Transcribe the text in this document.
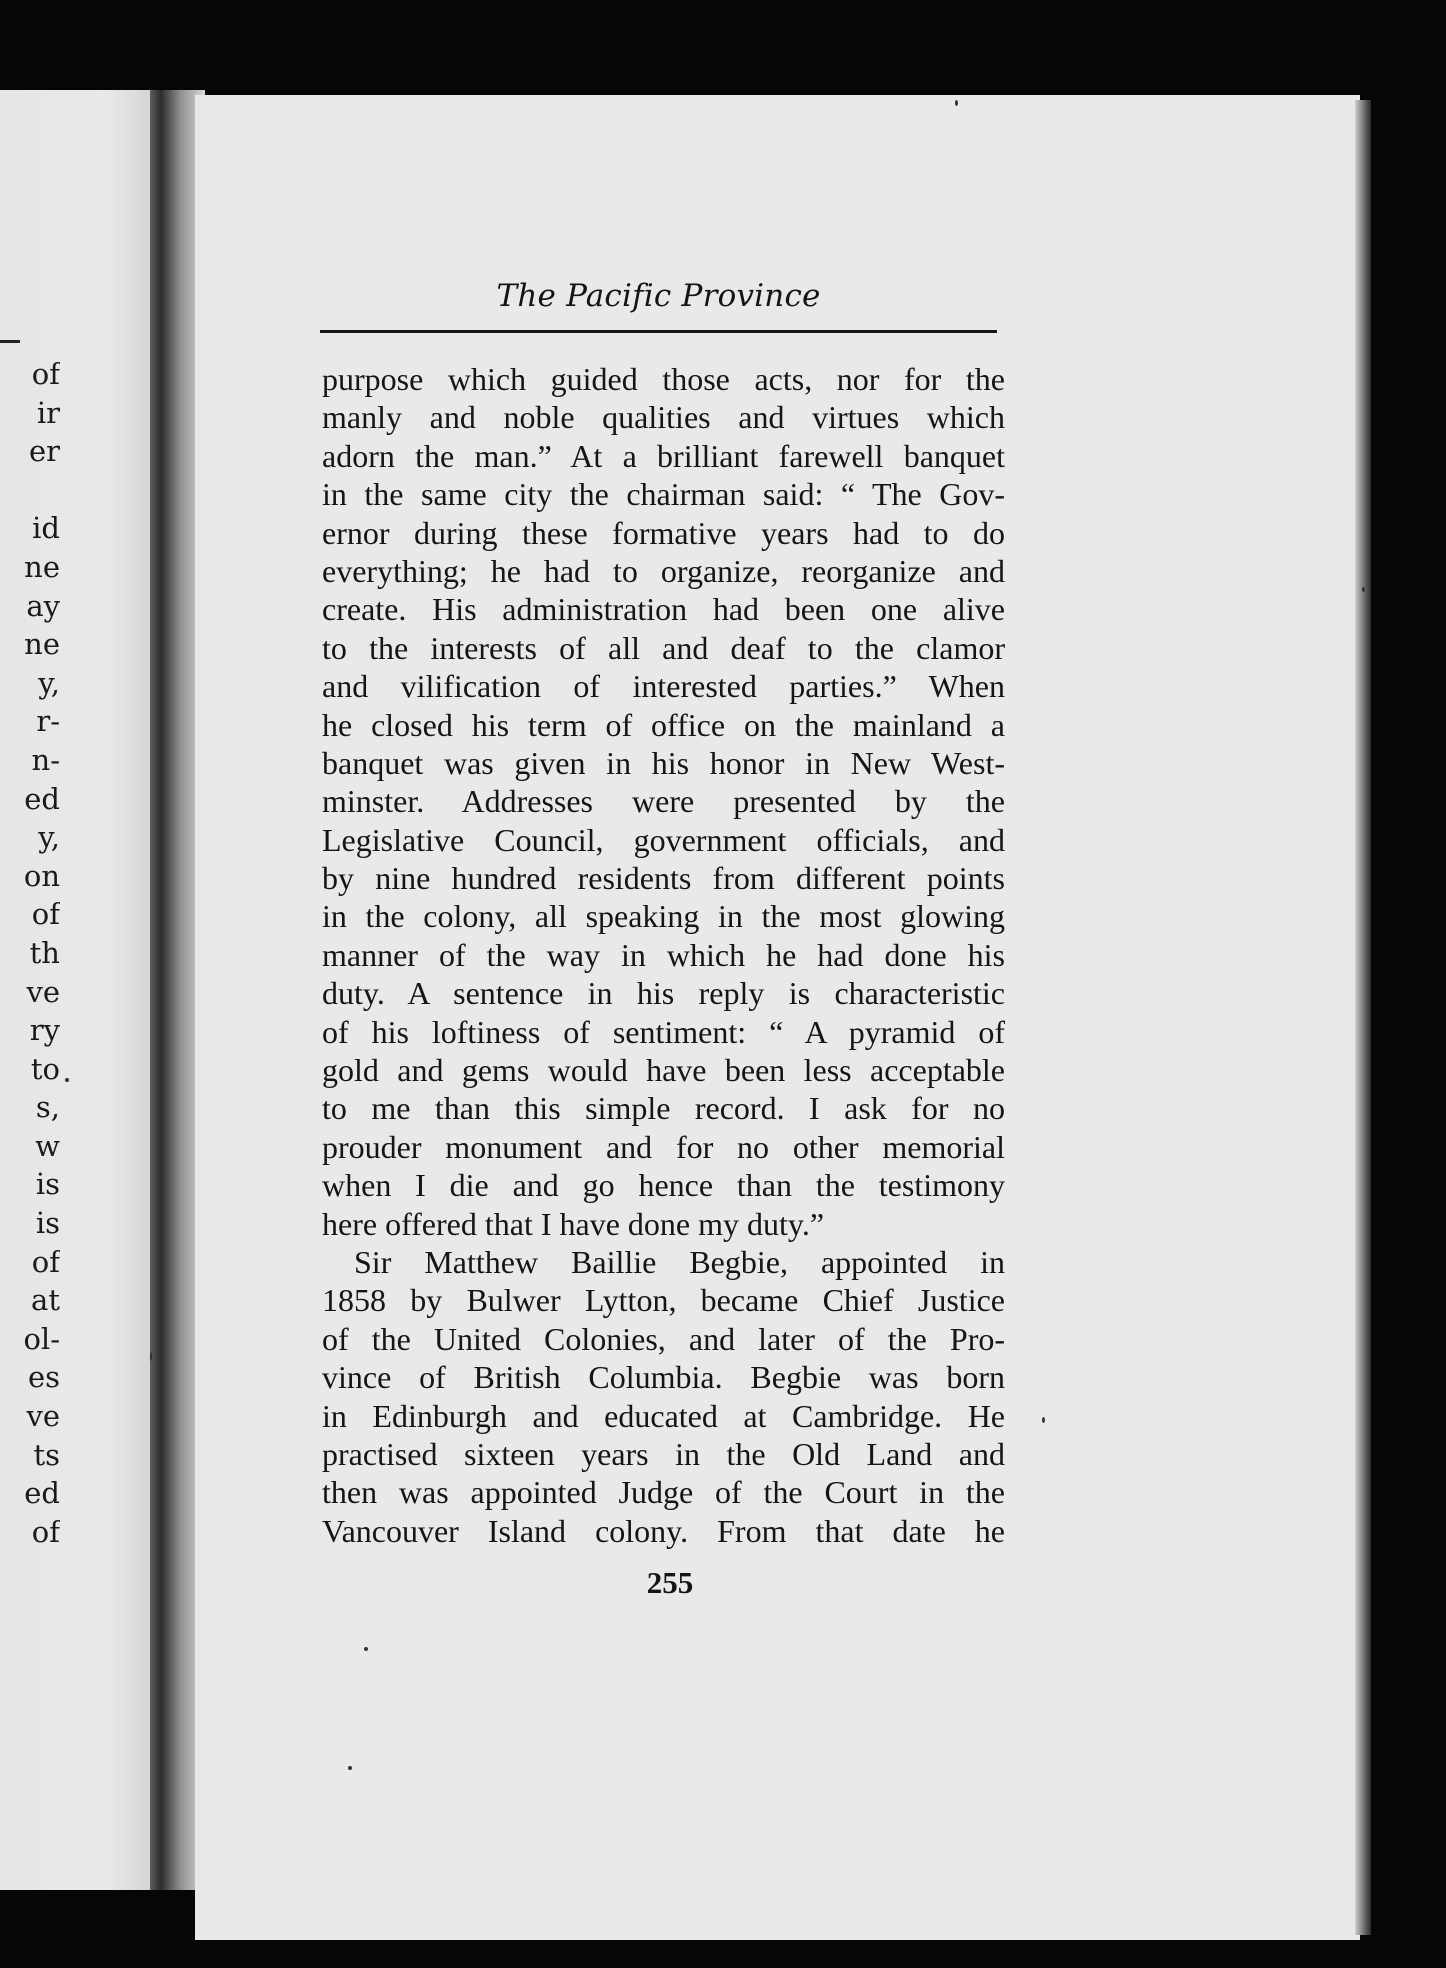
of
ir
er
id
ne
ay
ne
y,
r-
n-
ed
y,
on
of
th
ve
ry
to
s,
w
is
is
of
at
ol-
es
ve
ts
ed
of
The Pacific Province
purpose which guided those acts, nor for the
manly and noble qualities and virtues which
adorn the man.” At a brilliant farewell banquet
in the same city the chairman said: “ The Gov-
ernor during these formative years had to do
everything; he had to organize, reorganize and
create. His administration had been one alive
to the interests of all and deaf to the clamor
and vilification of interested parties.” When
he closed his term of office on the mainland a
banquet was given in his honor in New West-
minster. Addresses were presented by the
Legislative Council, government officials, and
by nine hundred residents from different points
in the colony, all speaking in the most glowing
manner of the way in which he had done his
duty. A sentence in his reply is characteristic
of his loftiness of sentiment: “ A pyramid of
gold and gems would have been less acceptable
to me than this simple record. I ask for no
prouder monument and for no other memorial
when I die and go hence than the testimony
here offered that I have done my duty.”
Sir Matthew Baillie Begbie, appointed in
1858 by Bulwer Lytton, became Chief Justice
of the United Colonies, and later of the Pro-
vince of British Columbia. Begbie was born
in Edinburgh and educated at Cambridge. He
practised sixteen years in the Old Land and
then was appointed Judge of the Court in the
Vancouver Island colony. From that date he
255
